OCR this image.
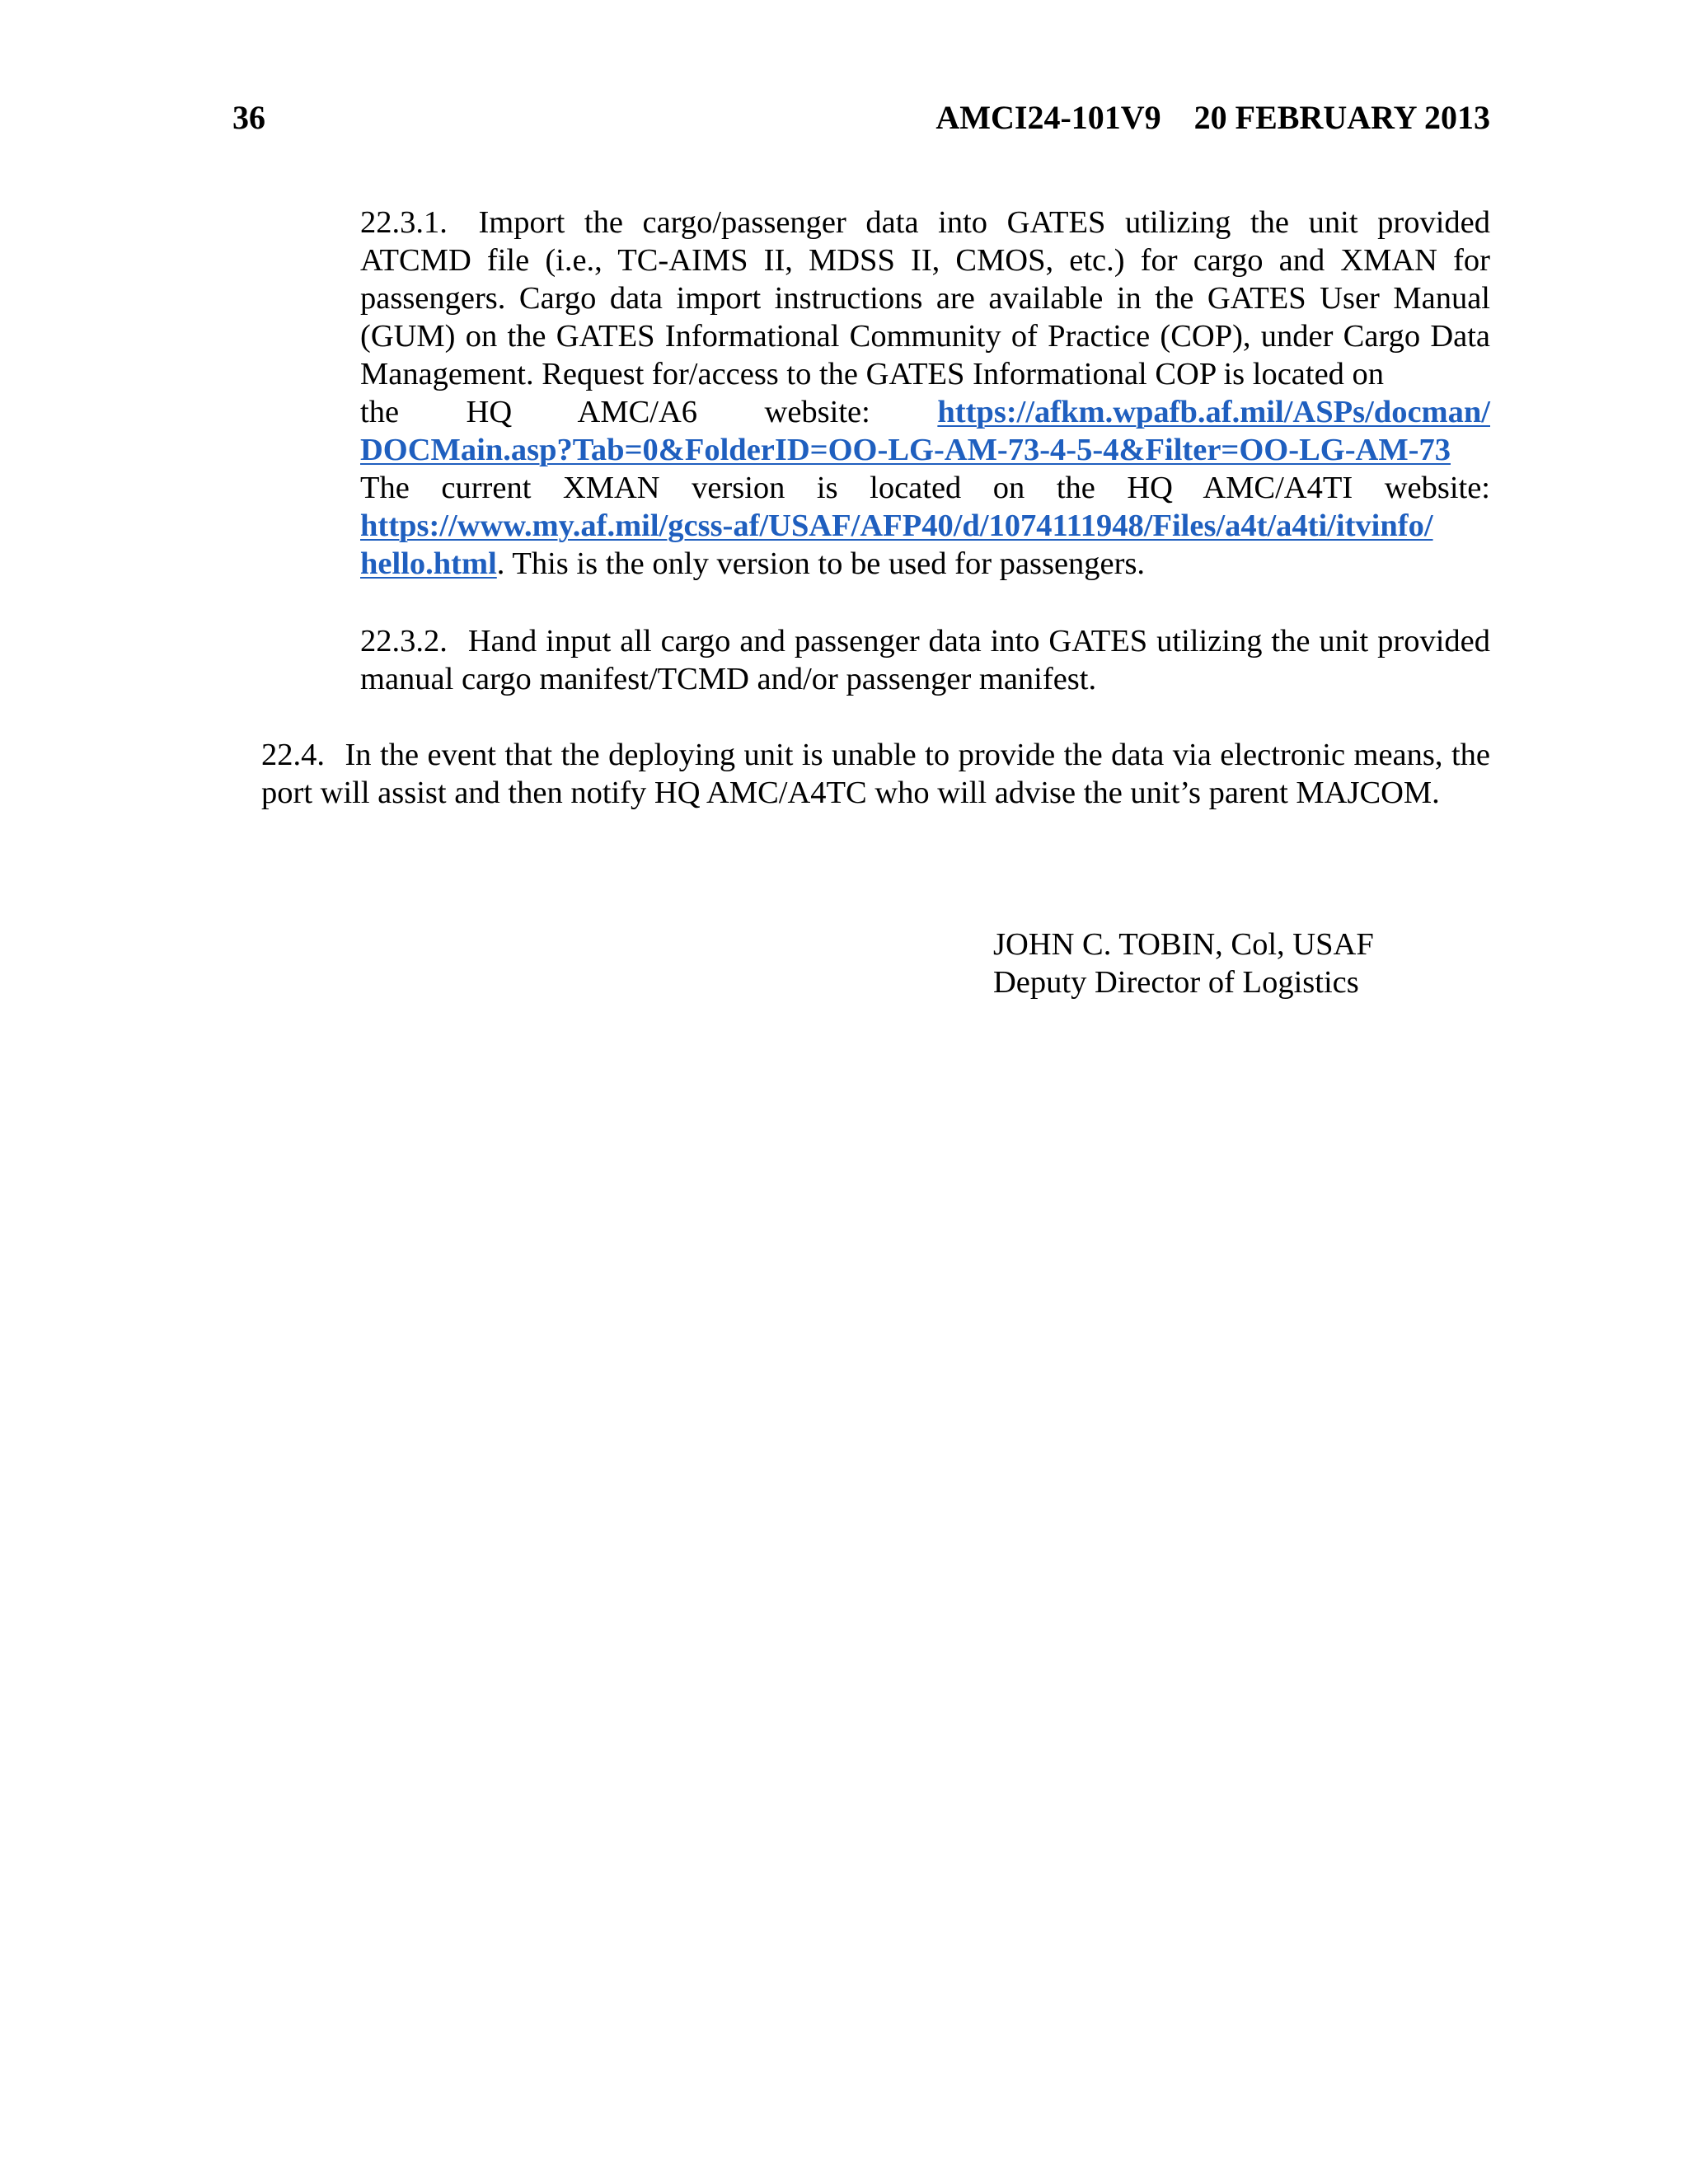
36	AMCI24-101V9    20 FEBRUARY 2013
22.3.1. Import the cargo/passenger data into GATES utilizing the unit provided ATCMD file (i.e., TC-AIMS II, MDSS II, CMOS, etc.) for cargo and XMAN for passengers. Cargo data import instructions are available in the GATES User Manual (GUM) on the GATES Informational Community of Practice (COP), under Cargo Data Management. Request for/access to the GATES Informational COP is located on
the HQ AMC/A6 website: https://afkm.wpafb.af.mil/ASPs/docman/
DOCMain.asp?Tab=0&FolderID=OO-LG-AM-73-4-5-4&Filter=OO-LG-AM-73
The current XMAN version is located on the HQ AMC/A4TI website:
https://www.my.af.mil/gcss-af/USAF/AFP40/d/1074111948/Files/a4t/a4ti/itvinfo/
hello.html. This is the only version to be used for passengers.
22.3.2. Hand input all cargo and passenger data into GATES utilizing the unit provided manual cargo manifest/TCMD and/or passenger manifest.
22.4. In the event that the deploying unit is unable to provide the data via electronic means, the port will assist and then notify HQ AMC/A4TC who will advise the unit’s parent MAJCOM.
JOHN C. TOBIN, Col, USAF
Deputy Director of Logistics
